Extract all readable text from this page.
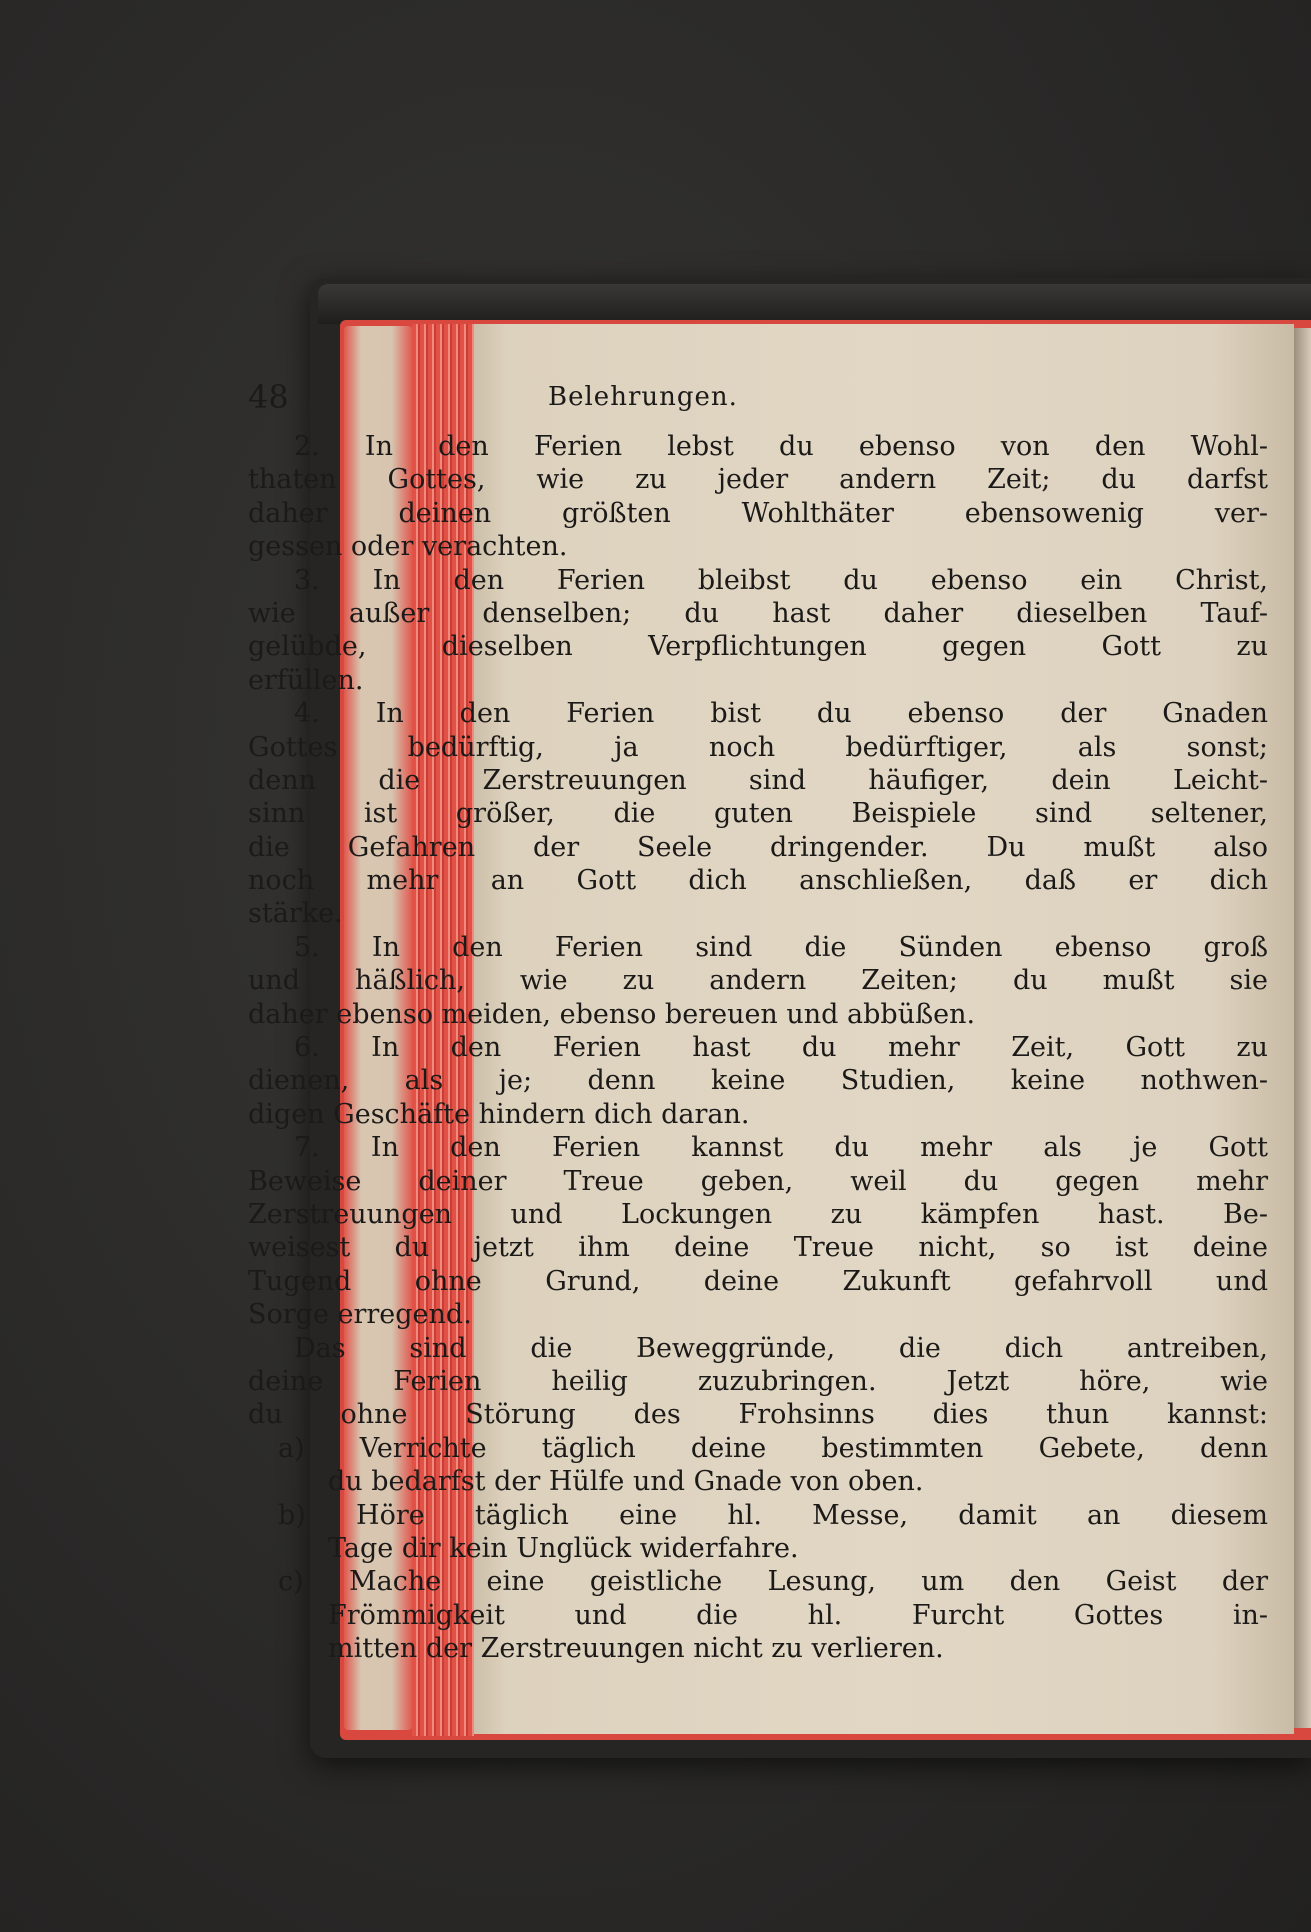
48	Belehrungen.
2. In den Ferien lebst du ebenso von den Wohl-
thaten Gottes, wie zu jeder andern Zeit; du darfst
daher deinen größten Wohlthäter ebensowenig ver-
gessen oder verachten.
3. In den Ferien bleibst du ebenso ein Christ,
wie außer denselben; du hast daher dieselben Tauf-
gelübde, dieselben Verpflichtungen gegen Gott zu
erfüllen.
4. In den Ferien bist du ebenso der Gnaden
Gottes bedürftig, ja noch bedürftiger, als sonst;
denn die Zerstreuungen sind häufiger, dein Leicht-
sinn ist größer, die guten Beispiele sind seltener,
die Gefahren der Seele dringender. Du mußt also
noch mehr an Gott dich anschließen, daß er dich
stärke.
5. In den Ferien sind die Sünden ebenso groß
und häßlich, wie zu andern Zeiten; du mußt sie
daher ebenso meiden, ebenso bereuen und abbüßen.
6. In den Ferien hast du mehr Zeit, Gott zu
dienen, als je; denn keine Studien, keine nothwen-
digen Geschäfte hindern dich daran.
7. In den Ferien kannst du mehr als je Gott
Beweise deiner Treue geben, weil du gegen mehr
Zerstreuungen und Lockungen zu kämpfen hast. Be-
weisest du jetzt ihm deine Treue nicht, so ist deine
Tugend ohne Grund, deine Zukunft gefahrvoll und
Sorge erregend.
Das sind die Beweggründe, die dich antreiben,
deine Ferien heilig zuzubringen. Jetzt höre, wie
du ohne Störung des Frohsinns dies thun kannst:
a) Verrichte täglich deine bestimmten Gebete, denn
du bedarfst der Hülfe und Gnade von oben.
b) Höre täglich eine hl. Messe, damit an diesem
Tage dir kein Unglück widerfahre.
c) Mache eine geistliche Lesung, um den Geist der
Frömmigkeit und die hl. Furcht Gottes in-
mitten der Zerstreuungen nicht zu verlieren.
